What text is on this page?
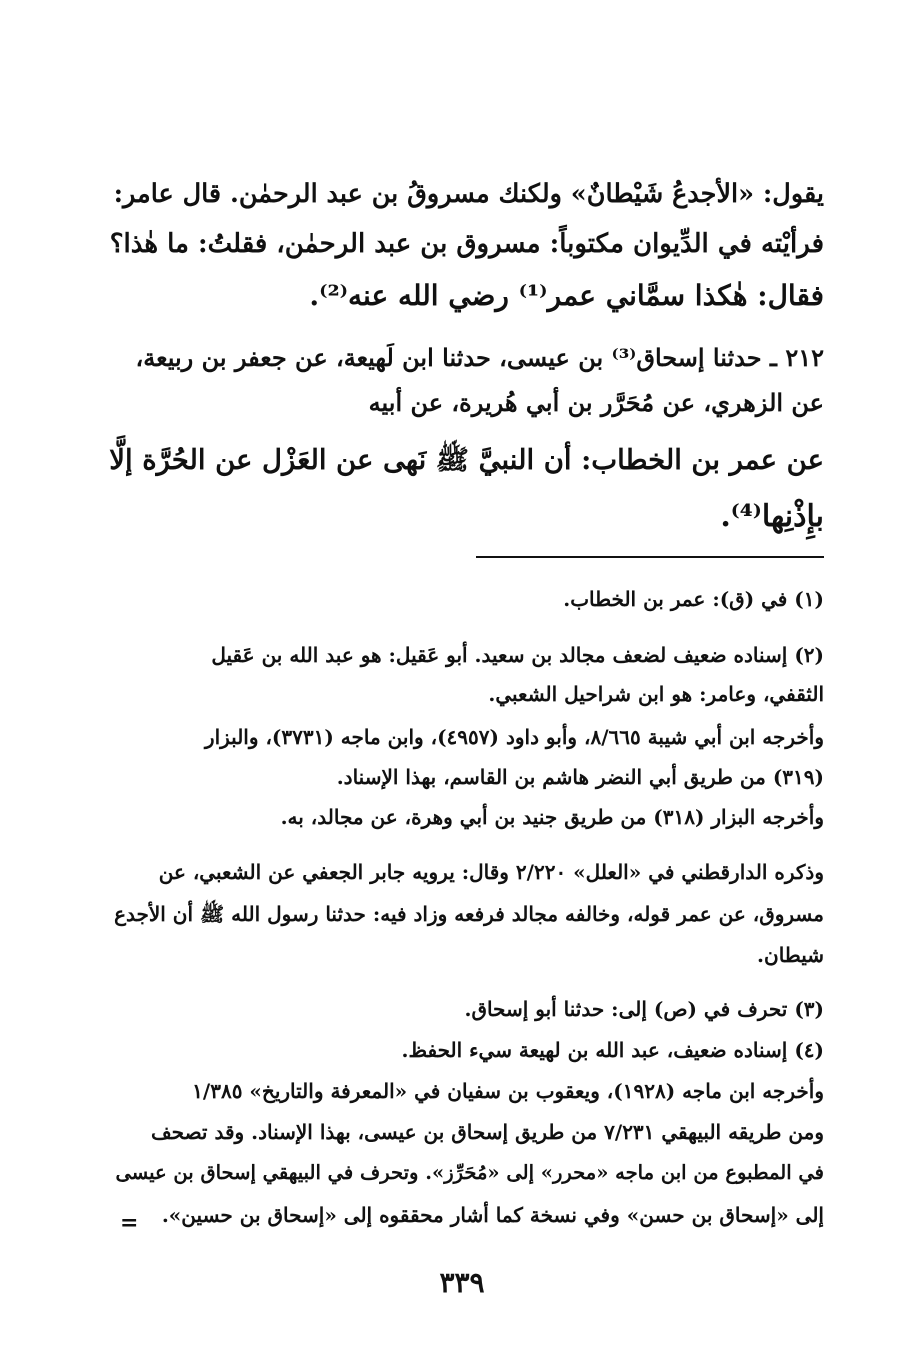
يقول: «الأجدعُ شَيْطانٌ» ولكنك مسروقُ بن عبد الرحمٰن. قال عامر:
فرأيْته في الدِّيوان مكتوباً: مسروق بن عبد الرحمٰن، فقلتُ: ما هٰذا؟
فقال: هٰكذا سمَّاني عمر⁽¹⁾ رضي الله عنه⁽²⁾.
٢١٢ ـ حدثنا إسحاق⁽³⁾ بن عيسى، حدثنا ابن لَهيعة، عن جعفر بن ربيعة،
عن الزهري، عن مُحَرَّر بن أبي هُريرة، عن أبيه
عن عمر بن الخطاب: أن النبيَّ ﷺ نَهى عن العَزْل عن الحُرَّة إلَّا
بإِذْنِها⁽⁴⁾.
(١) في (ق): عمر بن الخطاب.
(٢) إسناده ضعيف لضعف مجالد بن سعيد. أبو عَقيل: هو عبد الله بن عَقيل
الثقفي، وعامر: هو ابن شراحيل الشعبي.
وأخرجه ابن أبي شيبة ٨/٦٦٥، وأبو داود (٤٩٥٧)، وابن ماجه (٣٧٣١)، والبزار
(٣١٩) من طريق أبي النضر هاشم بن القاسم، بهذا الإسناد.
وأخرجه البزار (٣١٨) من طريق جنيد بن أبي وهرة، عن مجالد، به.
وذكره الدارقطني في «العلل» ٢/٢٢٠ وقال: يرويه جابر الجعفي عن الشعبي، عن
مسروق، عن عمر قوله، وخالفه مجالد فرفعه وزاد فيه: حدثنا رسول الله ﷺ أن الأجدع
شيطان.
(٣) تحرف في (ص) إلى: حدثنا أبو إسحاق.
(٤) إسناده ضعيف، عبد الله بن لهيعة سيء الحفظ.
وأخرجه ابن ماجه (١٩٢٨)، ويعقوب بن سفيان في «المعرفة والتاريخ» ١/٣٨٥
ومن طريقه البيهقي ٧/٢٣١ من طريق إسحاق بن عيسى، بهذا الإسناد. وقد تصحف
في المطبوع من ابن ماجه «محرر» إلى «مُحَرِّز». وتحرف في البيهقي إسحاق بن عيسى
إلى «إسحاق بن حسن» وفي نسخة كما أشار محققوه إلى «إسحاق بن حسين».
=
٣٣٩
